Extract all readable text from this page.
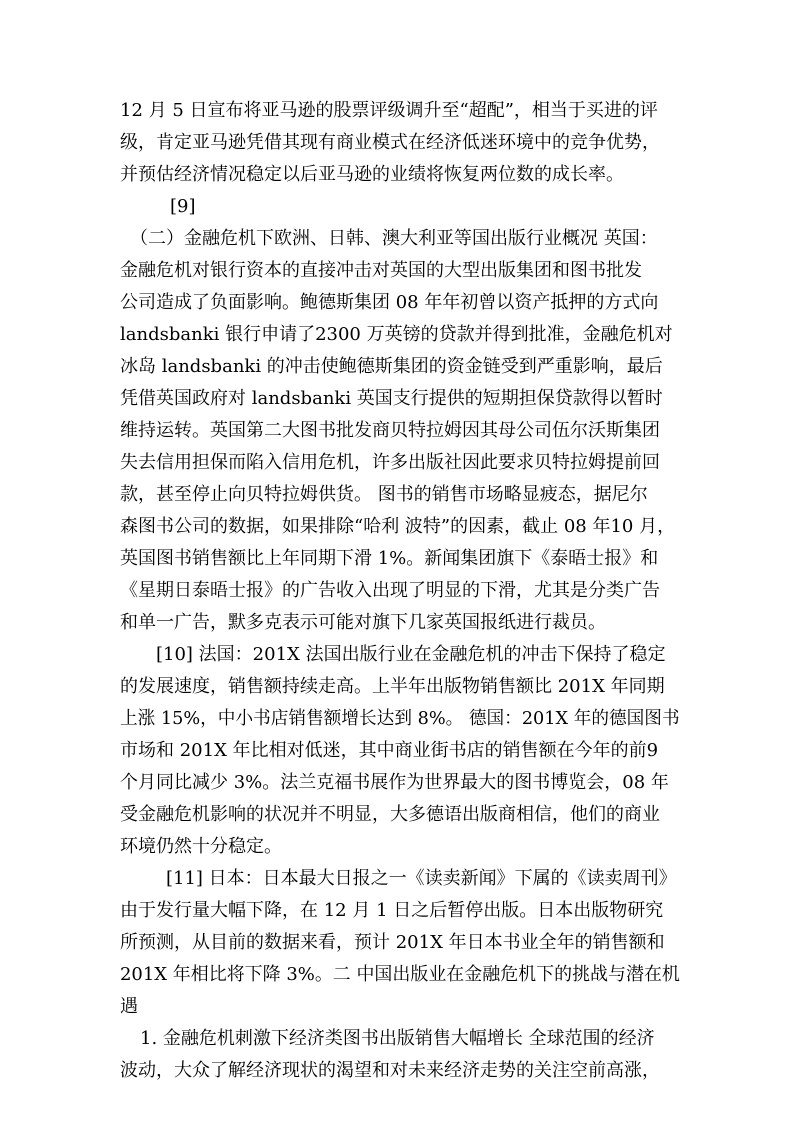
12 月 5 日宣布将亚马逊的股票评级调升至“超配”，相当于买进的评
级，肯定亚马逊凭借其现有商业模式在经济低迷环境中的竞争优势，
并预估经济情况稳定以后亚马逊的业绩将恢复两位数的成长率。
[9]
（二）金融危机下欧洲、日韩、澳大利亚等国出版行业概况 英国：
金融危机对银行资本的直接冲击对英国的大型出版集团和图书批发
公司造成了负面影响。鲍德斯集团 08 年年初曾以资产抵押的方式向
landsbanki 银行申请了2300 万英镑的贷款并得到批准，金融危机对
冰岛 landsbanki 的冲击使鲍德斯集团的资金链受到严重影响，最后
凭借英国政府对 landsbanki 英国支行提供的短期担保贷款得以暂时
维持运转。英国第二大图书批发商贝特拉姆因其母公司伍尔沃斯集团
失去信用担保而陷入信用危机，许多出版社因此要求贝特拉姆提前回
款，甚至停止向贝特拉姆供货。 图书的销售市场略显疲态，据尼尔
森图书公司的数据，如果排除“哈利 波特”的因素，截止 08 年10 月，
英国图书销售额比上年同期下滑 1%。新闻集团旗下《泰晤士报》和
《星期日泰晤士报》的广告收入出现了明显的下滑，尤其是分类广告
和单一广告，默多克表示可能对旗下几家英国报纸进行裁员。
[10] 法国：201X 法国出版行业在金融危机的冲击下保持了稳定
的发展速度，销售额持续走高。上半年出版物销售额比 201X 年同期
上涨 15%，中小书店销售额增长达到 8%。 德国：201X 年的德国图书
市场和 201X 年比相对低迷，其中商业街书店的销售额在今年的前9
个月同比减少 3%。法兰克福书展作为世界最大的图书博览会，08 年
受金融危机影响的状况并不明显，大多德语出版商相信，他们的商业
环境仍然十分稳定。
[11] 日本：日本最大日报之一《读卖新闻》下属的《读卖周刊》
由于发行量大幅下降，在 12 月 1 日之后暂停出版。日本出版物研究
所预测，从目前的数据来看，预计 201X 年日本书业全年的销售额和
201X 年相比将下降 3%。二 中国出版业在金融危机下的挑战与潜在机
遇
1. 金融危机刺激下经济类图书出版销售大幅增长 全球范围的经济
波动，大众了解经济现状的渴望和对未来经济走势的关注空前高涨，
